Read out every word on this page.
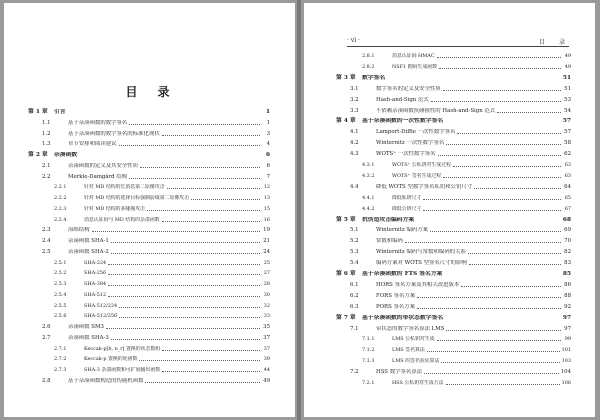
目　录
第 1 章	引言	1
1.1	基于杂凑函数的数字签名	1
1.2	基于杂凑函数的数字签名的标准化现状	3
1.3	章节安排和阅读建议	4
第 2 章	杂凑函数	6
2.1	杂凑函数的定义及其安全性质	6
2.2	Merkle-Damgård 结构	7
2.2.1	针对 MD 结构的长消息第二原像攻击	12
2.2.2	针对 MD 结构的选择目标强制前缀第二原像攻击	13
2.2.3	针对 MD 结构的多碰撞攻击	15
2.2.4	消息认证码与 MD 结构的杂凑函数	16
2.3	海绵结构	19
2.4	杂凑函数 SHA-1	21
2.5	杂凑函数 SHA-2	24
2.5.1	SHA-224	25
2.5.2	SHA-256	27
2.5.3	SHA-384	28
2.5.4	SHA-512	30
2.5.5	SHA-512/224	32
2.5.6	SHA-512/256	33
2.6	杂凑函数 SM3	35
2.7	杂凑函数 SHA-3	37
2.7.1	Keccak-p[b, n_r] 置换的状态数组	37
2.7.2	Keccak-p 置换的轮函数	39
2.7.3	SHA-3 杂凑函数和可扩展输出函数	44
2.8	基于杂凑函数构造的伪随机函数	49
· vi ·	目　录
2.8.1	消息认证码 HMAC	49
2.8.2	NSF1 拥码生成函数	49
第 3 章	数字签名	51
3.1	数字签名的定义及安全性质	51
3.2	Hash-and-Sign 范式	53
3.3	不依赖杂凑函数抗碰撞性的 Hash-and-Sign 范式	54
第 4 章	基于杂凑函数的一次性数字签名	57
4.1	Lamport-Diffie 一次性数字签名	57
4.2	Winternitz 一次性数字签名	58
4.3	WOTS⁺ 一次性数字签名	62
4.3.1	WOTS⁺ 公私钥对生成过程	63
4.3.2	WOTS⁺ 签名生成过程	63
4.4	降低 WOTS 型数字签名私钥和公钥尺寸	64
4.4.1	降低私钥尺寸	65
4.4.2	降低公钥尺寸	67
第 5 章	抗伪造攻击编码方案	68
5.1	Winternitz 编码方案	69
5.2	常数和编码	70
5.3	Winternitz 编码与常数和编码的关系	82
5.4	编码方案对 WOTS 型签名尺寸的影响	83
第 6 章	基于杂凑函数的 FTS 签名方案	85
6.1	HORS 签名方案及其相关改进版本	86
6.2	FORS 签名方案	88
6.3	PORS 签名方案	92
第 7 章	基于杂凑函数的带状态数字签名	97
7.1	带状态的数字签名算法 LMS	97
7.1.1	LMS 公私钥对生成	99
7.1.2	LMS 签名算法	101
7.1.3	LMS 的签名验证算法	103
7.2	HSS 数字签名算法	104
7.2.1	HSS 公私钥对生成方法	106
